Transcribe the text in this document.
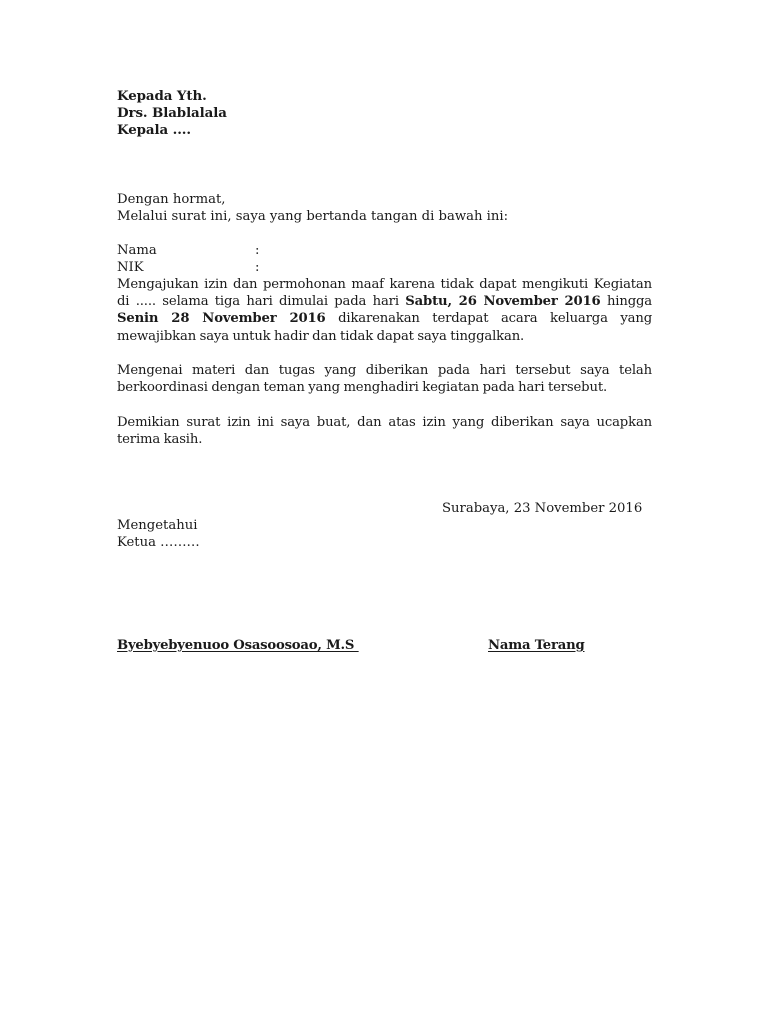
Kepada Yth.
Drs. Blablalala
Kepala ....
Dengan hormat,
Melalui surat ini, saya yang bertanda tangan di bawah ini:
Nama	:
NIK	:
Mengajukan izin dan permohonan maaf karena tidak dapat mengikuti Kegiatan
di ..... selama tiga hari dimulai pada hari Sabtu, 26 November 2016 hingga
Senin 28 November 2016 dikarenakan terdapat acara keluarga yang
mewajibkan saya untuk hadir dan tidak dapat saya tinggalkan.
Mengenai materi dan tugas yang diberikan pada hari tersebut saya telah
berkoordinasi dengan teman yang menghadiri kegiatan pada hari tersebut.
Demikian surat izin ini saya buat, dan atas izin yang diberikan saya ucapkan
terima kasih.
Surabaya, 23 November 2016
Mengetahui
Ketua ………
Byebyebyenuoo Osasoosoao, M.S	Nama Terang
